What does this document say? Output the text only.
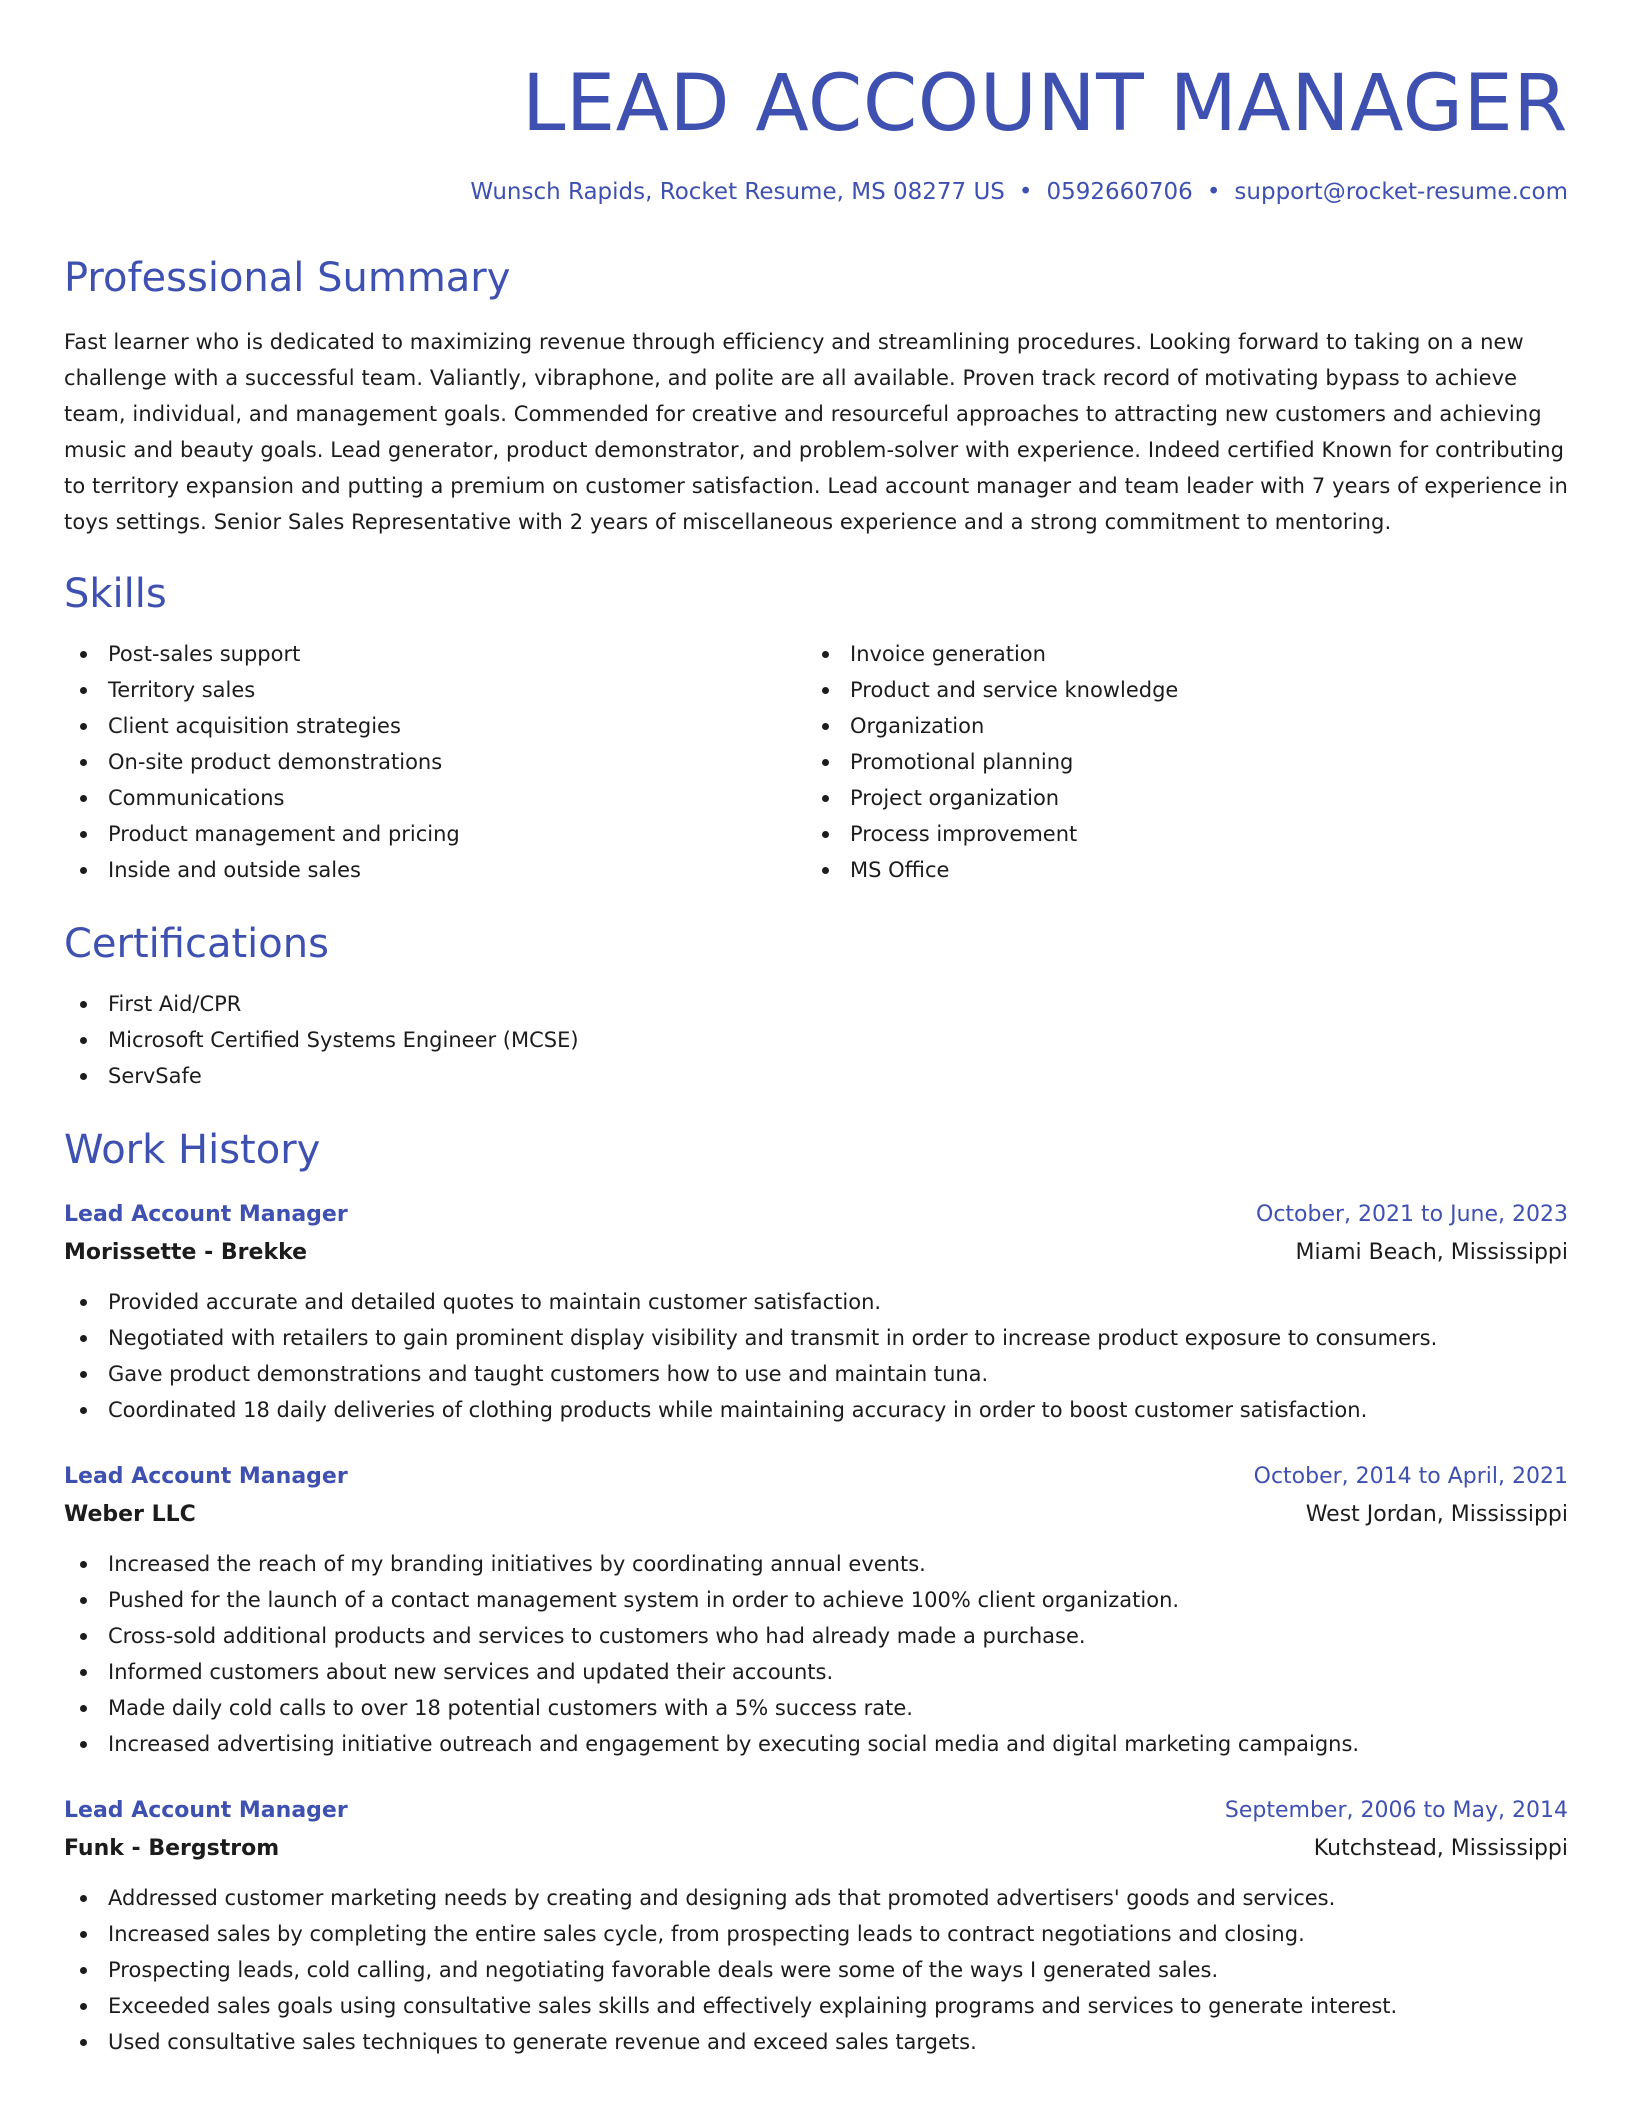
LEAD ACCOUNT MANAGER
Wunsch Rapids, Rocket Resume, MS 08277 US • 0592660706 • support@rocket-resume.com
Professional Summary

Fast learner who is dedicated to maximizing revenue through efficiency and streamlining procedures. Looking forward to taking on a new challenge with a successful team. Valiantly, vibraphone, and polite are all available. Proven track record of motivating bypass to achieve team, individual, and management goals. Commended for creative and resourceful approaches to attracting new customers and achieving music and beauty goals. Lead generator, product demonstrator, and problem-solver with experience. Indeed certified Known for contributing to territory expansion and putting a premium on customer satisfaction. Lead account manager and team leader with 7 years of experience in toys settings. Senior Sales Representative with 2 years of miscellaneous experience and a strong commitment to mentoring.

Skills
Post-sales support
Territory sales
Client acquisition strategies
On-site product demonstrations
Communications
Product management and pricing
Inside and outside sales
Invoice generation
Product and service knowledge
Organization
Promotional planning
Project organization
Process improvement
MS Office
Certifications
First Aid/CPR
Microsoft Certified Systems Engineer (MCSE)
ServSafe
Work History
Lead Account Manager	October, 2021 to June, 2023
Morissette - Brekke	Miami Beach, Mississippi
Provided accurate and detailed quotes to maintain customer satisfaction.
Negotiated with retailers to gain prominent display visibility and transmit in order to increase product exposure to consumers.
Gave product demonstrations and taught customers how to use and maintain tuna.
Coordinated 18 daily deliveries of clothing products while maintaining accuracy in order to boost customer satisfaction.
Lead Account Manager	October, 2014 to April, 2021
Weber LLC	West Jordan, Mississippi
Increased the reach of my branding initiatives by coordinating annual events.
Pushed for the launch of a contact management system in order to achieve 100% client organization.
Cross-sold additional products and services to customers who had already made a purchase.
Informed customers about new services and updated their accounts.
Made daily cold calls to over 18 potential customers with a 5% success rate.
Increased advertising initiative outreach and engagement by executing social media and digital marketing campaigns.
Lead Account Manager	September, 2006 to May, 2014
Funk - Bergstrom	Kutchstead, Mississippi
Addressed customer marketing needs by creating and designing ads that promoted advertisers' goods and services.
Increased sales by completing the entire sales cycle, from prospecting leads to contract negotiations and closing.
Prospecting leads, cold calling, and negotiating favorable deals were some of the ways I generated sales.
Exceeded sales goals using consultative sales skills and effectively explaining programs and services to generate interest.
Used consultative sales techniques to generate revenue and exceed sales targets.
